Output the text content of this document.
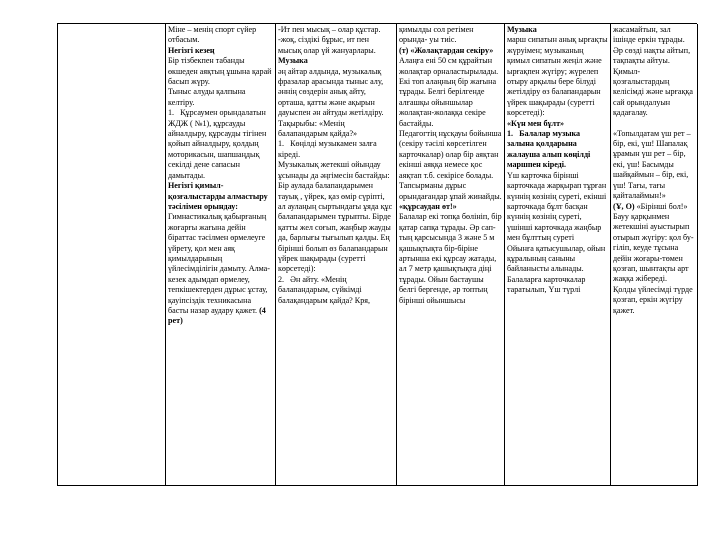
Міне – менің спорт сүйер отбасым.

Негізгі кезең

Бір тізбекпен табанды өкшеден аяқтың ұшына қарай басып жүру.

Тыныс алуды қалпына келтіру.

1.   Құрсаумен орындалатын ЖДЖ ( №1), құрсауды айналдыру, құрсауды тігінен қойып айналдыру, қолдың моторикасын, шапшаңдық секілді дене сапасын дамытады.

Негізгі қимыл-қозғалыстарды алмастыру тәсілімен орындау:

Гимнастикалық қабырғаның жоғарғы жағына дейін біраттас тәсілмен өрмелеуге үйрету, қол мен аяқ қимылдарының үйлесімділігін дамыту. Алма-кезек адымдап өрмелеу, тепкішектерден дұрыс ұстау, қауіпсіздік техникасына басты назар аудару қажет. (4 рет)

-Ит пен мысық – олар құстар. -жоқ, сіздікі бұрыс, ит пен мысық олар үй жануарлары.

Музыка

әң айтар алдында, музыкалық фразалар арасында тыныс алу, әннің сөздерін анық айту, орташа, қатты және ақырын дауыспен ән айтуды жетілдіру.

Тақырыбы: «Менің балапандарым қайда?»

1.   Көңілді музыкамен залға кіреді.

Музыкалық жетекші ойындау ұсынады да әңгімесін бастайды: Бір аулада балапандарымен тауық , үйрек, қаз өмір сүріпті, ал аулаңың сыртындағы ұяда құс балапандарымен тұрыпты. Бірде қатты жел соғып, жаңбыр жауды да, барлығы тығылып қалды. Ең бірінші болып өз балапандарын үйрек шақырады (суретті көрсетеді):

2.   Ән айту. «Менің балапандарым, сүйкімді балақандарым қайда? Кря,

қимылды сол ретімен орында- уы тиіс.

(т) «Жолақтардан секіру»

Алаңға ені 50 см құрайтын жолақтар орналастырылады. Екі топ алаңның бір жағына тұрады. Белгі берілгенде алғашқы ойыншылар жолақтан-жолаққа секіре бастайды.

Педагогтің нұсқауы бойынша (секіру тәсілі көрсетілген карточкалар) олар бір аяқтан екінші аяққа немесе қос аяқтап т.б. секірісе болады. Тапсырманы дұрыс орындағандар ұпай жинайды.

«құрсаудан өт!»

Балалар екі топқа бөлініп, бір қатар сапқа тұрады. Әр сап- тың қарсысында 3 және 5 м қашықтықта бір-біріне артынша екі құрсау жатады, ал 7 метр қашықтықта діңі тұрады. Ойын бастаушы белгі бергенде, әр топтың бірінші ойыншысы

Музыка

марш сипатын анық ырғақты жүруімен; музыканың қимыл сипатын жеңіл және ырғақпен жүгіру; жүрелеп отыру арқылы бере білуді жетілдіру өз балапандарын үйрек шақырады (суретті көрсетеді):

«Күн мен бұлт»

1.   Балалар музыка залына қолдарына жалауша алып көңілді маршпен кіреді.

Үш карточка бірінші карточкада жарқырап тұрған күннің көзінің суреті, екінші карточкада бұлт басқан күннің көзінің суреті, үшінші карточкада жаңбыр мен бұлттың суреті

Ойынға қатысушылар, ойын құралының саныны байланысты алынады. Балаларға карточкалар таратылып, Үш түрлі

жасамайтын, зал ішінде еркін тұрады. Әр сөзді нақты айтып, тақпақты айтуы.

Қимыл-қозғалыстардың келісімді және ырғаққа сай орындалуын қадағалау.

«Топылдатам үш рет – бір, екі, үш! Шапалақ ұрамын үш рет – бір, екі, үш! Басымды шайқаймын – бір, екі, үш! Тағы, тағы қайталаймын!»

(Ұ, О) «Бірінші бол!»

Бауу қарқынмен жетекшіні ауыстырып отырып жүгіру: қол бу- гіліп, кеуде тұсына дейін жоғары-төмен қозғап, шынтақты арт жаққа жібереді.

Қолды үйлесімді түрде қозғап, еркін жүгіру қажет.
